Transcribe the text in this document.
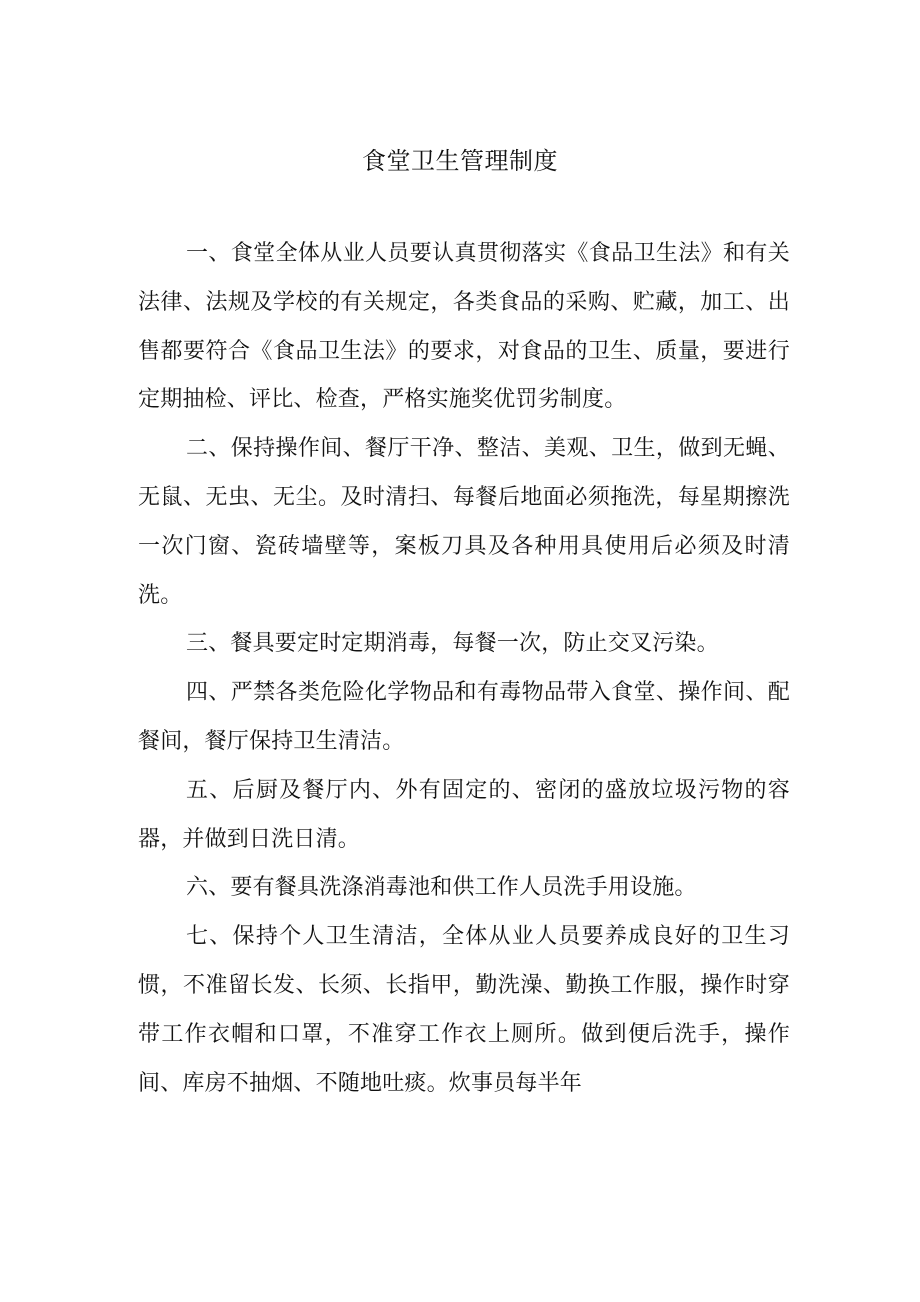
食堂卫生管理制度

一、食堂全体从业人员要认真贯彻落实《食品卫生法》和有关法律、法规及学校的有关规定，各类食品的采购、贮藏，加工、出售都要符合《食品卫生法》的要求，对食品的卫生、质量，要进行定期抽检、评比、检查，严格实施奖优罚劣制度。

二、保持操作间、餐厅干净、整洁、美观、卫生，做到无蝇、无鼠、无虫、无尘。及时清扫、每餐后地面必须拖洗，每星期擦洗一次门窗、瓷砖墙壁等，案板刀具及各种用具使用后必须及时清洗。

三、餐具要定时定期消毒，每餐一次，防止交叉污染。

四、严禁各类危险化学物品和有毒物品带入食堂、操作间、配餐间，餐厅保持卫生清洁。

五、后厨及餐厅内、外有固定的、密闭的盛放垃圾污物的容器，并做到日洗日清。

六、要有餐具洗涤消毒池和供工作人员洗手用设施。

七、保持个人卫生清洁，全体从业人员要养成良好的卫生习惯，不准留长发、长须、长指甲，勤洗澡、勤换工作服，操作时穿带工作衣帽和口罩，不准穿工作衣上厕所。做到便后洗手，操作间、库房不抽烟、不随地吐痰。炊事员每半年
